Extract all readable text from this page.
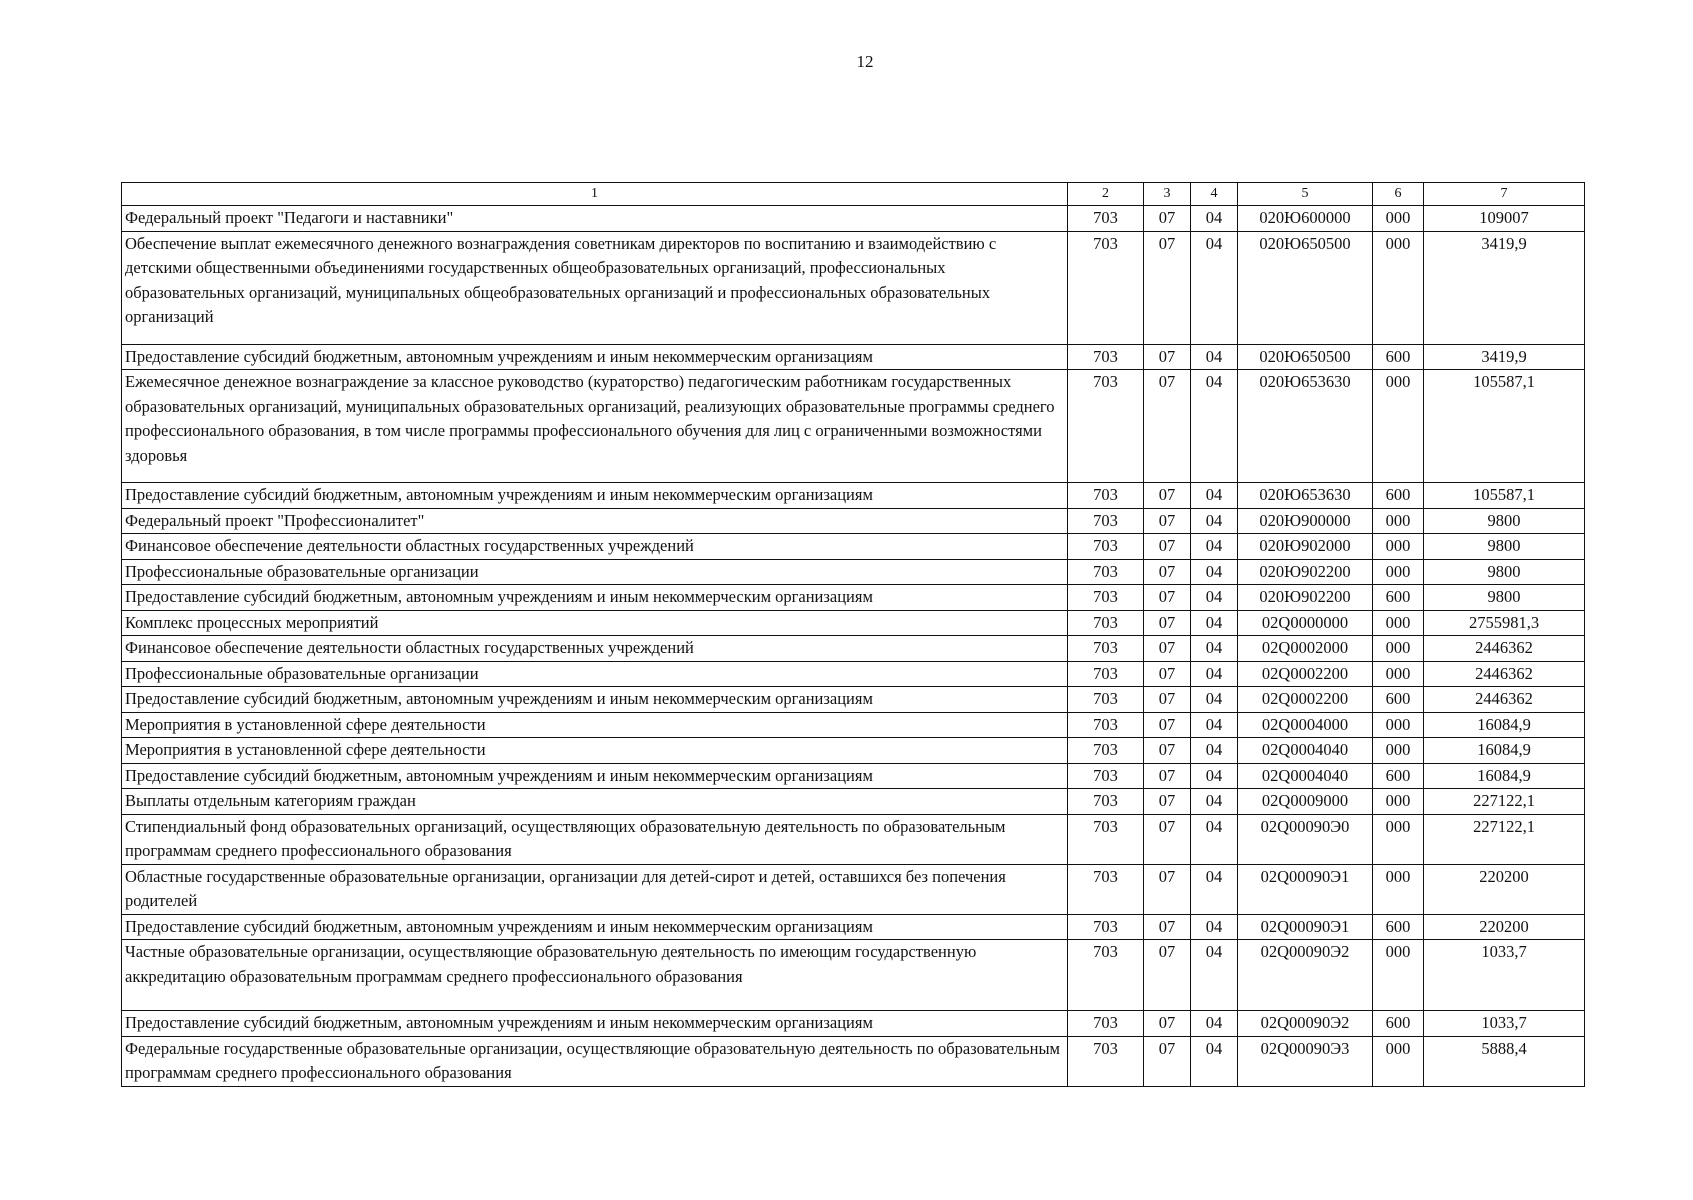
12
1	2	3	4	5	6	7
Федеральный проект "Педагоги и наставники"	703	07	04	020Ю600000	000	109007
Обеспечение выплат ежемесячного денежного вознаграждения советникам директоров по воспитанию и взаимодействию с детскими общественными объединениями государственных общеобразовательных организаций, профессиональных образовательных организаций, муниципальных общеобразовательных организаций и профессиональных образовательных организаций	703	07	04	020Ю650500	000	3419,9
Предоставление субсидий бюджетным, автономным учреждениям и иным некоммерческим организациям	703	07	04	020Ю650500	600	3419,9
Ежемесячное денежное вознаграждение за классное руководство (кураторство) педагогическим работникам государственных образовательных организаций, муниципальных образовательных организаций, реализующих образовательные программы среднего профессионального образования, в том числе программы профессионального обучения для лиц с ограниченными возможностями здоровья	703	07	04	020Ю653630	000	105587,1
Предоставление субсидий бюджетным, автономным учреждениям и иным некоммерческим организациям	703	07	04	020Ю653630	600	105587,1
Федеральный проект "Профессионалитет"	703	07	04	020Ю900000	000	9800
Финансовое обеспечение деятельности областных государственных учреждений	703	07	04	020Ю902000	000	9800
Профессиональные образовательные организации	703	07	04	020Ю902200	000	9800
Предоставление субсидий бюджетным, автономным учреждениям и иным некоммерческим организациям	703	07	04	020Ю902200	600	9800
Комплекс процессных мероприятий	703	07	04	02Q0000000	000	2755981,3
Финансовое обеспечение деятельности областных государственных учреждений	703	07	04	02Q0002000	000	2446362
Профессиональные образовательные организации	703	07	04	02Q0002200	000	2446362
Предоставление субсидий бюджетным, автономным учреждениям и иным некоммерческим организациям	703	07	04	02Q0002200	600	2446362
Мероприятия в установленной сфере деятельности	703	07	04	02Q0004000	000	16084,9
Мероприятия в установленной сфере деятельности	703	07	04	02Q0004040	000	16084,9
Предоставление субсидий бюджетным, автономным учреждениям и иным некоммерческим организациям	703	07	04	02Q0004040	600	16084,9
Выплаты отдельным категориям граждан	703	07	04	02Q0009000	000	227122,1
Стипендиальный фонд образовательных организаций, осуществляющих образовательную деятельность по образовательным программам среднего профессионального образования	703	07	04	02Q00090Э0	000	227122,1
Областные государственные образовательные организации, организации для детей-сирот и детей, оставшихся без попечения родителей	703	07	04	02Q00090Э1	000	220200
Предоставление субсидий бюджетным, автономным учреждениям и иным некоммерческим организациям	703	07	04	02Q00090Э1	600	220200
Частные образовательные организации, осуществляющие образовательную деятельность по имеющим государственную аккредитацию образовательным программам среднего профессионального образования	703	07	04	02Q00090Э2	000	1033,7
Предоставление субсидий бюджетным, автономным учреждениям и иным некоммерческим организациям	703	07	04	02Q00090Э2	600	1033,7
Федеральные государственные образовательные организации, осуществляющие образовательную деятельность по образовательным программам среднего профессионального образования	703	07	04	02Q00090Э3	000	5888,4
